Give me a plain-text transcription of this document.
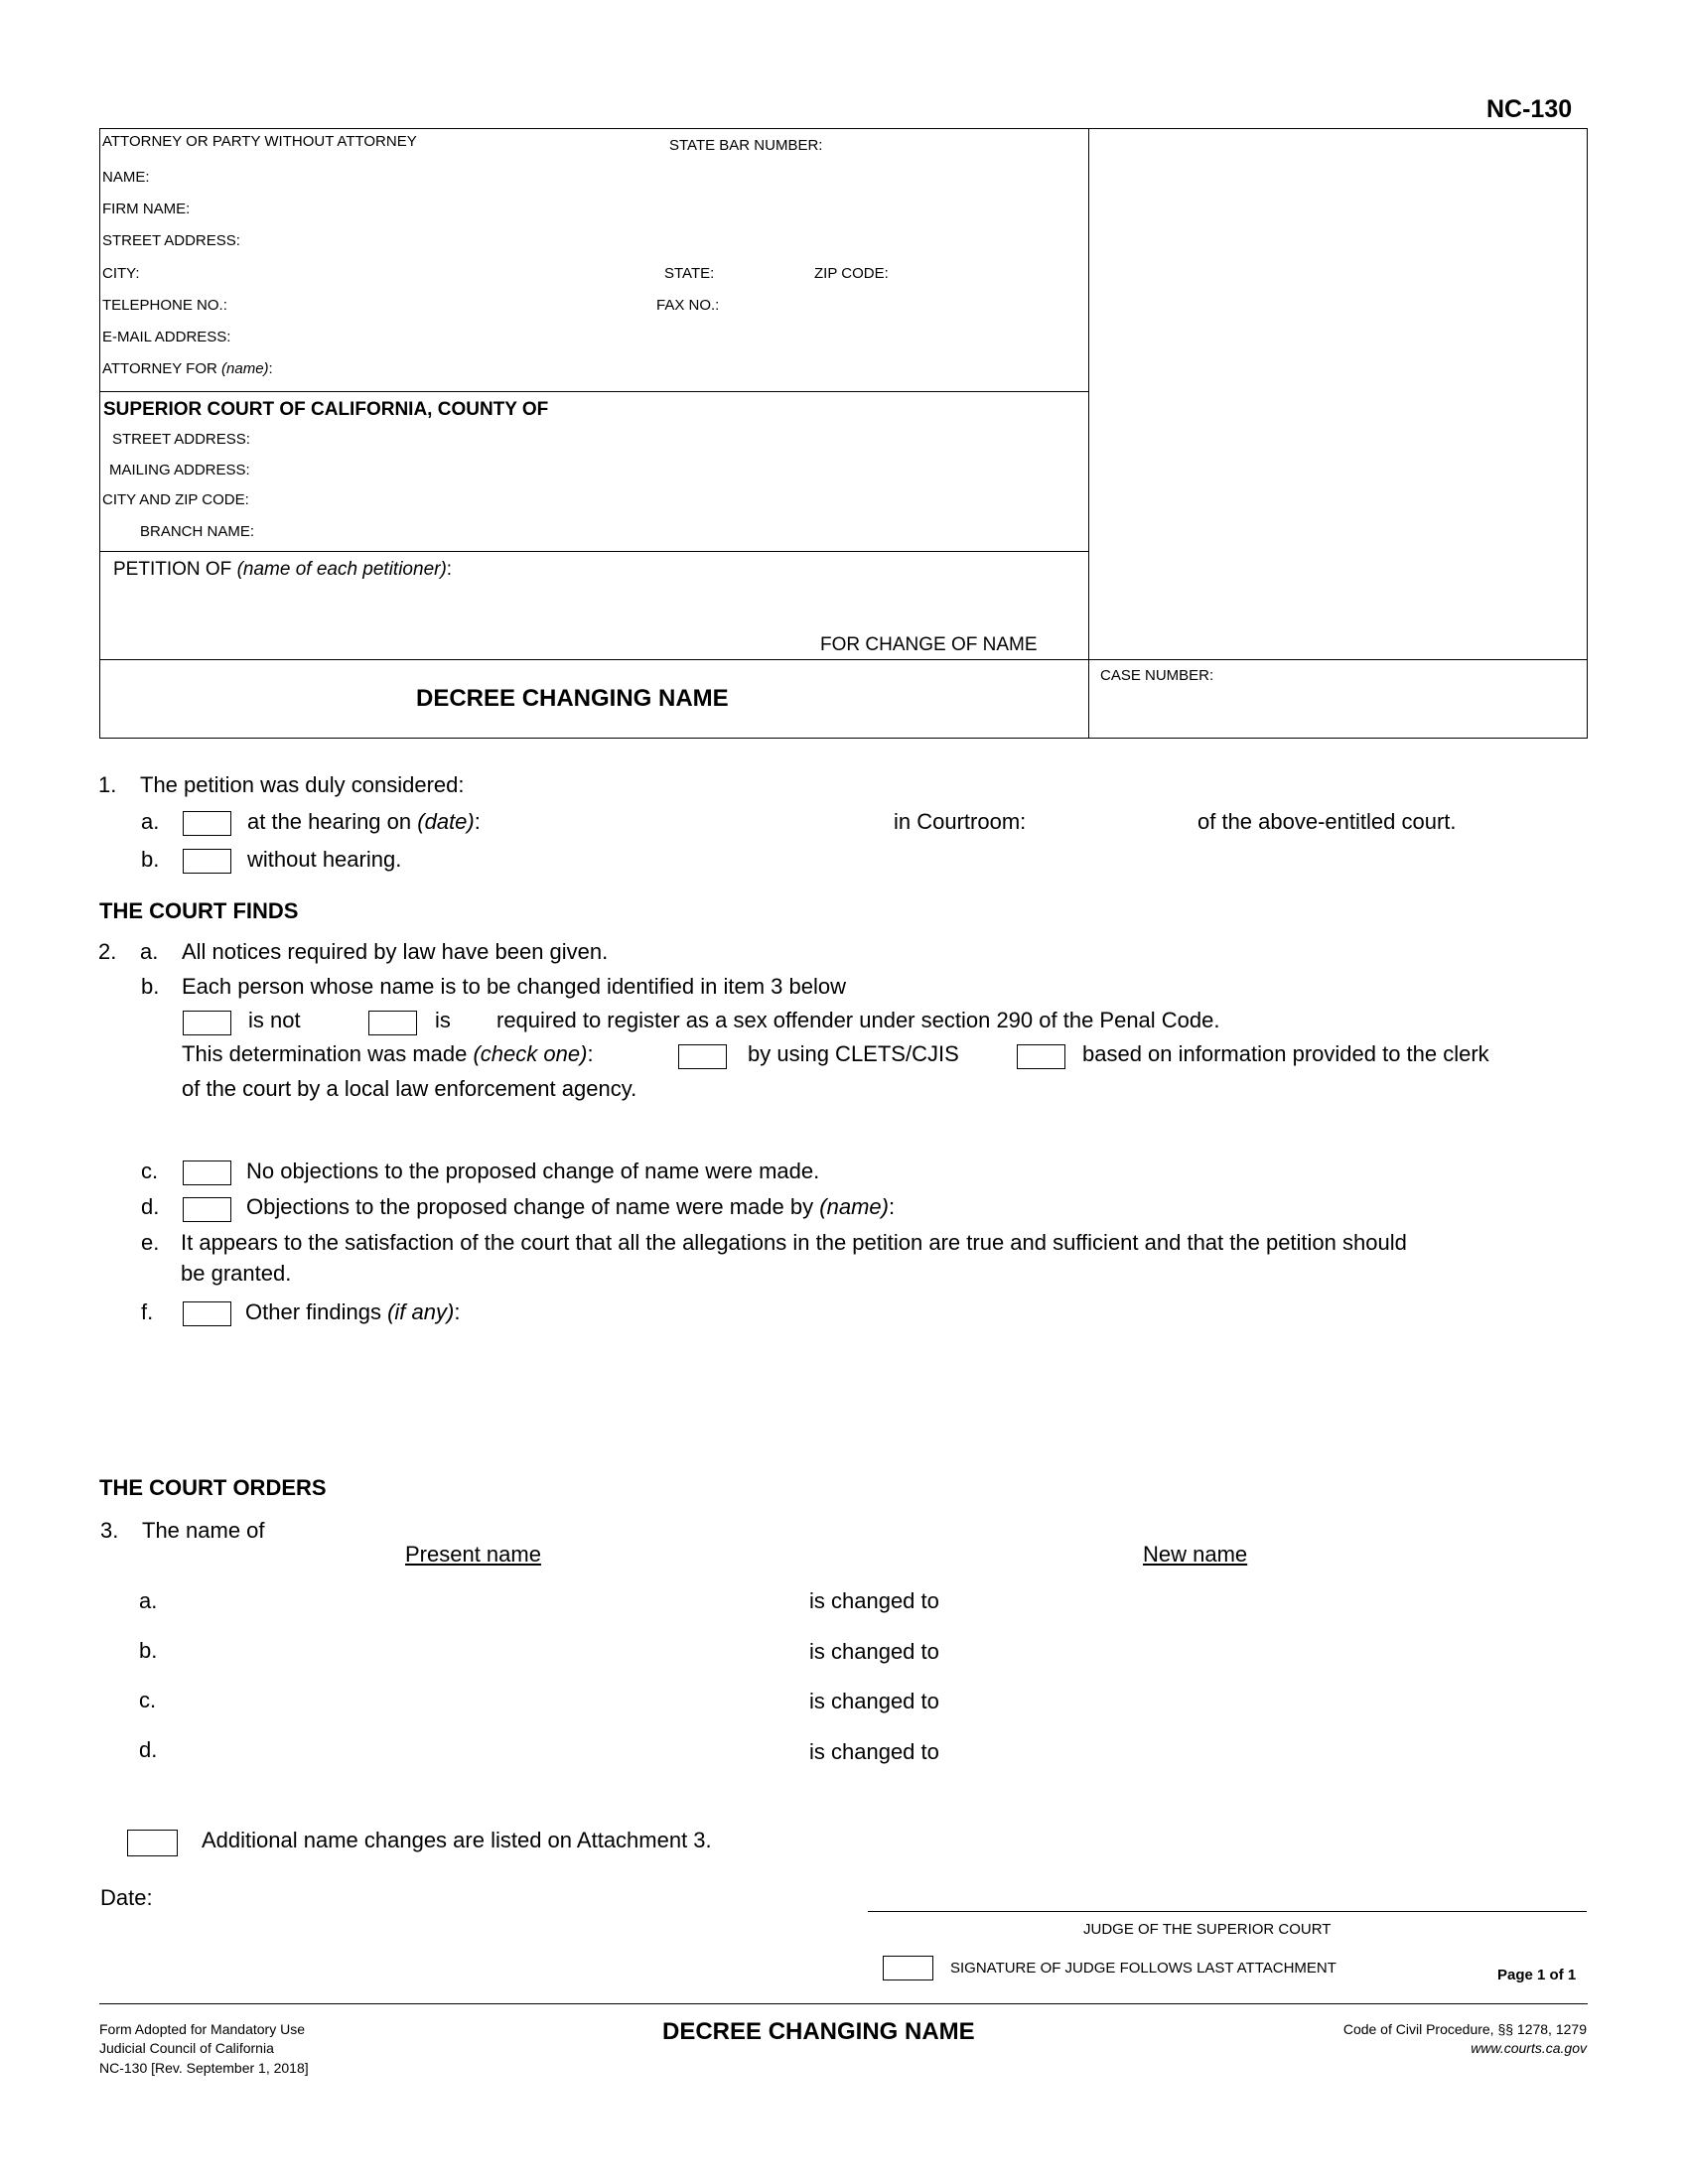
NC-130
ATTORNEY OR PARTY WITHOUT ATTORNEY	STATE BAR NUMBER:
NAME:
FIRM NAME:
STREET ADDRESS:
CITY:	STATE:	ZIP CODE:
TELEPHONE NO.:	FAX NO.:
E-MAIL ADDRESS:
ATTORNEY FOR (name):
SUPERIOR COURT OF CALIFORNIA, COUNTY OF
STREET ADDRESS:
MAILING ADDRESS:
CITY AND ZIP CODE:
BRANCH NAME:
PETITION OF (name of each petitioner):
FOR CHANGE OF NAME
DECREE CHANGING NAME
CASE NUMBER:
1. The petition was duly considered:
a.	at the hearing on (date):	in Courtroom:	of the above-entitled court.
b.	without hearing.
THE COURT FINDS
2. a. All notices required by law have been given.
b. Each person whose name is to be changed identified in item 3 below
is not	is required to register as a sex offender under section 290 of the Penal Code.
This determination was made (check one):	by using CLETS/CJIS	based on information provided to the clerk
of the court by a local law enforcement agency.
c.	No objections to the proposed change of name were made.
d.	Objections to the proposed change of name were made by (name):
e. It appears to the satisfaction of the court that all the allegations in the petition are true and sufficient and that the petition should
be granted.
f.	Other findings (if any):
THE COURT ORDERS
3. The name of
Present name	New name
a.	is changed to
b.	is changed to
c.	is changed to
d.	is changed to
Additional name changes are listed on Attachment 3.
Date:
JUDGE OF THE SUPERIOR COURT
SIGNATURE OF JUDGE FOLLOWS LAST ATTACHMENT	Page 1 of 1
Form Adopted for Mandatory Use
Judicial Council of California
NC-130 [Rev. September 1, 2018]
DECREE CHANGING NAME	Code of Civil Procedure, §§ 1278, 1279
www.courts.ca.gov
